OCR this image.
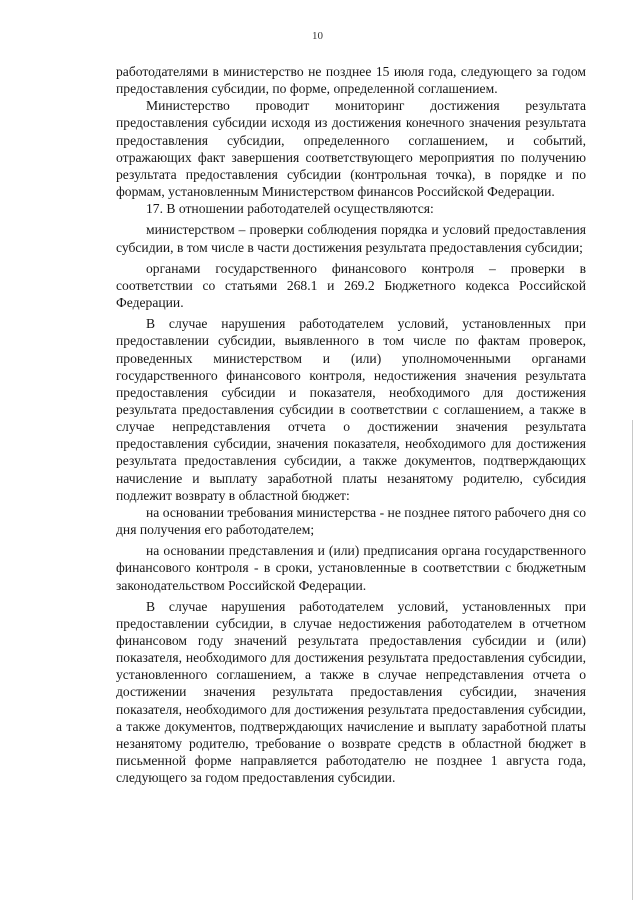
10

работодателями в министерство не позднее 15 июля года, следующего за годом предоставления субсидии, по форме, определенной соглашением.

Министерство проводит мониторинг достижения результата предоставления субсидии исходя из достижения конечного значения результата предоставления субсидии, определенного соглашением, и событий, отражающих факт завершения соответствующего мероприятия по получению результата предоставления субсидии (контрольная точка), в порядке и по формам, установленным Министерством финансов Российской Федерации.

17. В отношении работодателей осуществляются:

министерством – проверки соблюдения порядка и условий предоставления субсидии, в том числе в части достижения результата предоставления субсидии;

органами государственного финансового контроля – проверки в соответствии со статьями 268.1 и 269.2 Бюджетного кодекса Российской Федерации.

В случае нарушения работодателем условий, установленных при предоставлении субсидии, выявленного в том числе по фактам проверок, проведенных министерством и (или) уполномоченными органами государственного финансового контроля, недостижения значения результата предоставления субсидии и показателя, необходимого для достижения результата предоставления субсидии в соответствии с соглашением, а также в случае непредставления отчета о достижении значения результата предоставления субсидии, значения показателя, необходимого для достижения результата предоставления субсидии, а также документов, подтверждающих начисление и выплату заработной платы незанятому родителю, субсидия подлежит возврату в областной бюджет:

на основании требования министерства - не позднее пятого рабочего дня со дня получения его работодателем;

на основании представления и (или) предписания органа государственного финансового контроля - в сроки, установленные в соответствии с бюджетным законодательством Российской Федерации.

В случае нарушения работодателем условий, установленных при предоставлении субсидии, в случае недостижения работодателем в отчетном финансовом году значений результата предоставления субсидии и (или) показателя, необходимого для достижения результата предоставления субсидии, установленного соглашением, а также в случае непредставления отчета о достижении значения результата предоставления субсидии, значения показателя, необходимого для достижения результата предоставления субсидии, а также документов, подтверждающих начисление и выплату заработной платы незанятому родителю, требование о возврате средств в областной бюджет в письменной форме направляется работодателю не позднее 1 августа года, следующего за годом предоставления субсидии.
